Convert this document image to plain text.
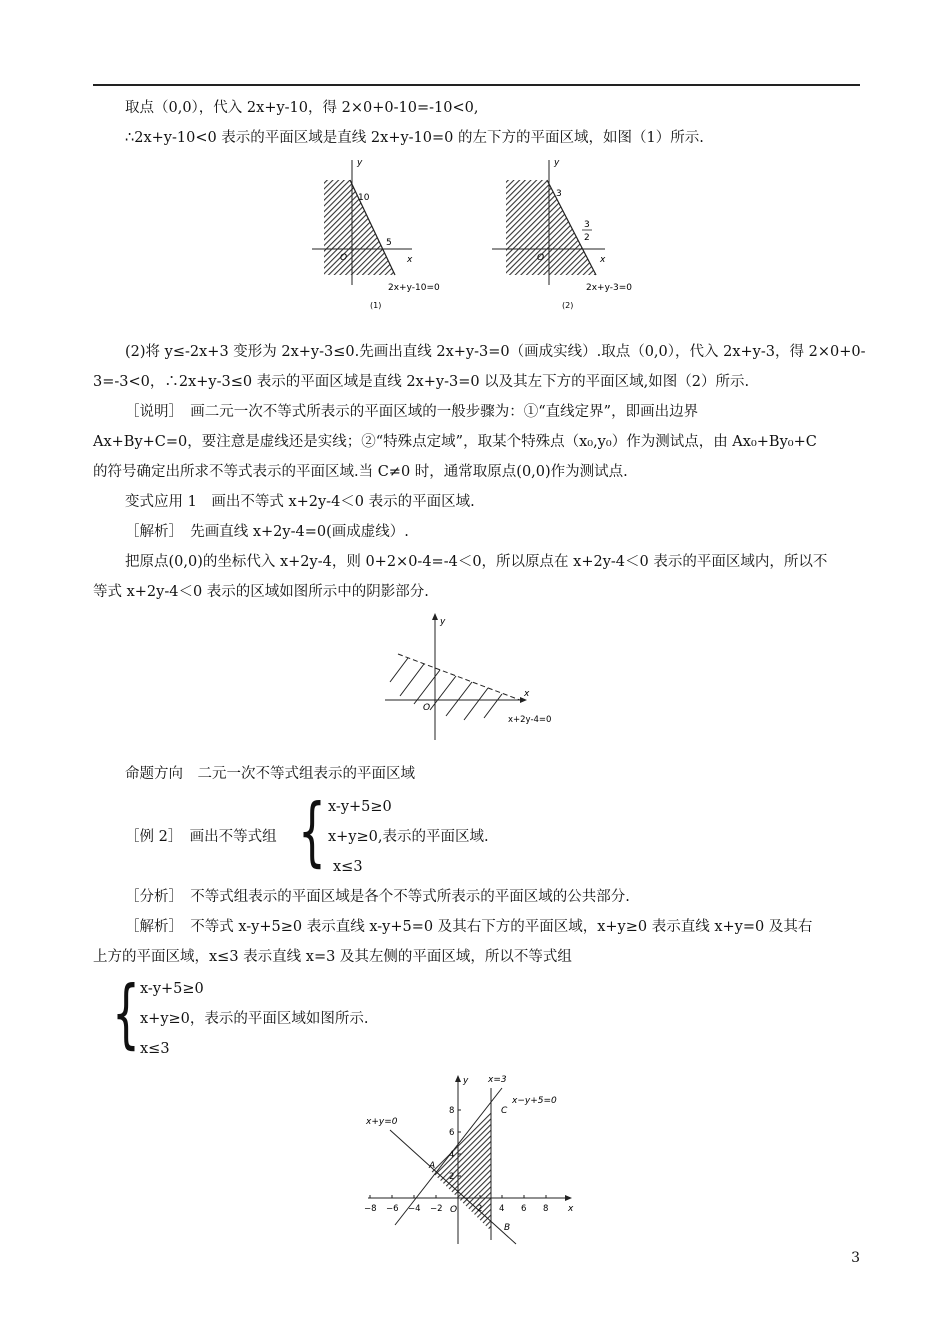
取点（0,0），代入 2x+y-10，得 2×0+0-10=-10<0,
∴2x+y-10<0 表示的平面区域是直线 2x+y-10=0 的左下方的平面区域，如图（1）所示.
x
y
O
10
5
2x+y-10=0
(1)
x
y
O
3
3
2
2x+y-3=0
(2)
(2)将 y≤-2x+3 变形为 2x+y-3≤0.先画出直线 2x+y-3=0（画成实线）.取点（0,0），代入 2x+y-3，得 2×0+0-
3=-3<0，∴2x+y-3≤0 表示的平面区域是直线 2x+y-3=0 以及其左下方的平面区域,如图（2）所示.
［说明］　画二元一次不等式所表示的平面区域的一般步骤为：①“直线定界”，即画出边界
Ax+By+C=0，要注意是虚线还是实线；②“特殊点定域”，取某个特殊点（x₀,y₀）作为测试点，由 Ax₀+By₀+C
的符号确定出所求不等式表示的平面区域.当 C≠0 时，通常取原点(0,0)作为测试点.
变式应用 1　画出不等式 x+2y-4＜0 表示的平面区域.
［解析］　先画直线 x+2y-4=0(画成虚线）.
把原点(0,0)的坐标代入 x+2y-4，则 0+2×0-4=-4＜0，所以原点在 x+2y-4＜0 表示的平面区域内，所以不
等式 x+2y-4＜0 表示的区域如图所示中的阴影部分.
x
y
O
x+2y-4=0
命题方向　二元一次不等式组表示的平面区域
［例 2］　画出不等式组 { x-y+5≥0
x+y≥0,表示的平面区域.
x≤3
［分析］　不等式组表示的平面区域是各个不等式所表示的平面区域的公共部分.
［解析］　不等式 x-y+5≥0 表示直线 x-y+5=0 及其右下方的平面区域，x+y≥0 表示直线 x+y=0 及其右
上方的平面区域，x≤3 表示直线 x=3 及其左侧的平面区域，所以不等式组
{ x-y+5≥0
x+y≥0，表示的平面区域如图所示.
x≤3
−8 −6 −4 −2	2 4 6 8
8
6
4
2
x+y=0
x=3
x−y+5=0
A
B
C
O	x
y
3
